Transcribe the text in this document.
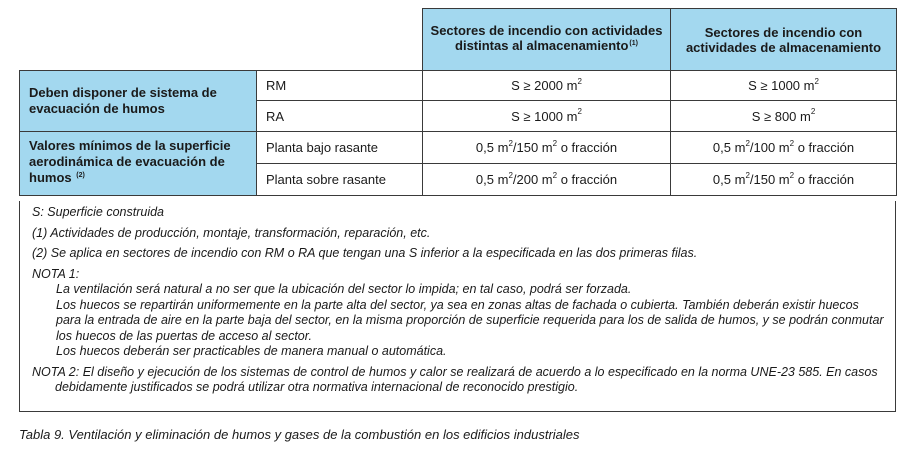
		Sectores de incendio con actividades distintas al almacenamiento(1)	Sectores de incendio con actividades de almacenamiento
Deben disponer de sistema de evacuación de humos	RM	S ≥ 2000 $m^2$	S ≥ 1000 $m^2$
	RA	S ≥ 1000 $m^2$	S ≥ 800 $m^2$
Valores mínimos de la superficie aerodinámica de evacuación de humos (2)	Planta bajo rasante	0,5 $m^2/150$ $m^2$ o fracción	0,5 $m^2/100$ $m^2$ o fracción
	Planta sobre rasante	0,5 $m^2/200$ $m^2$ o fracción	0,5 $m^2/150$ $m^2$ o fracción

S: Superficie construida

(1) Actividades de producción, montaje, transformación, reparación, etc.

(2) Se aplica en sectores de incendio con RM o RA que tengan una S inferior a la especificada en las dos primeras filas.

NOTA 1:

La ventilación será natural a no ser que la ubicación del sector lo impida; en tal caso, podrá ser forzada.

Los huecos se repartirán uniformemente en la parte alta del sector, ya sea en zonas altas de fachada o cubierta. También deberán existir huecos para la entrada de aire en la parte baja del sector, en la misma proporción de superficie requerida para los de salida de humos, y se podrán conmutar los huecos de las puertas de acceso al sector.

Los huecos deberán ser practicables de manera manual o automática.

NOTA 2: El diseño y ejecución de los sistemas de control de humos y calor se realizará de acuerdo a lo especificado en la norma UNE-23 585. En casos debidamente justificados se podrá utilizar otra normativa internacional de reconocido prestigio.

Tabla 9. Ventilación y eliminación de humos y gases de la combustión en los edificios industriales
